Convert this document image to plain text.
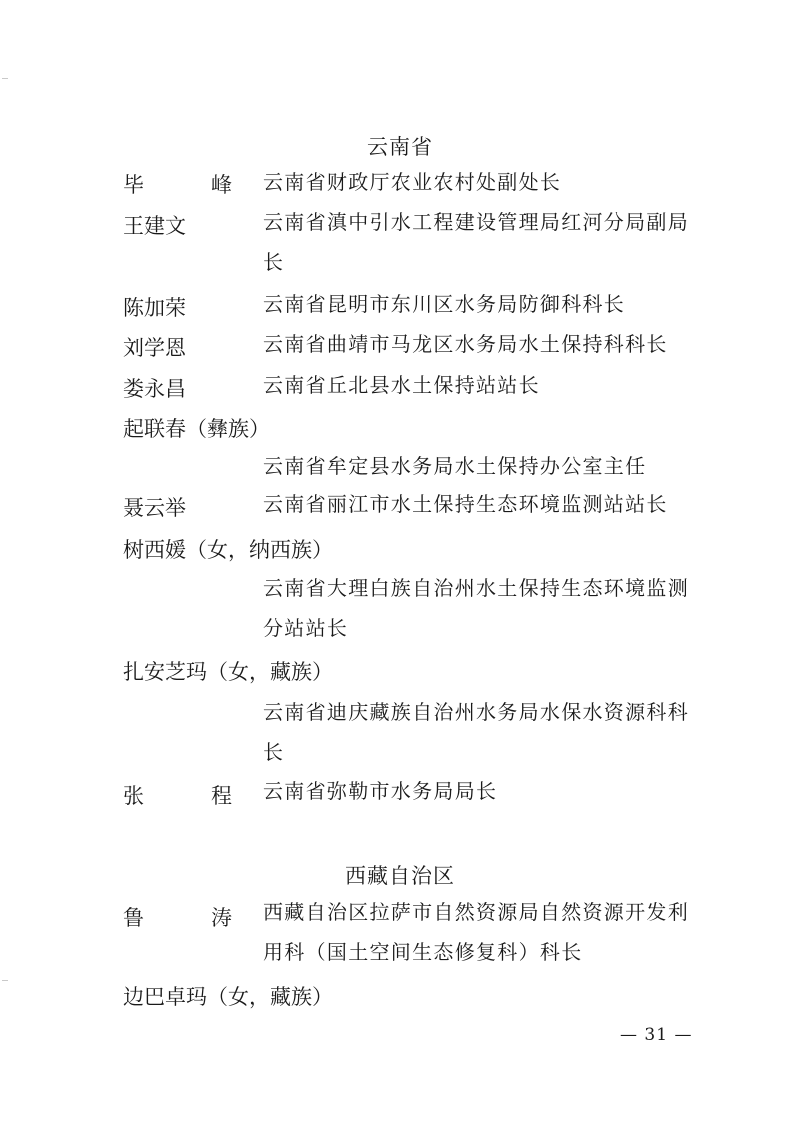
云南省
毕　峰 云南省财政厅农业农村处副处长
王建文	云南省滇中引水工程建设管理局红河分局副局
长
陈加荣	云南省昆明市东川区水务局防御科科长
刘学恩	云南省曲靖市马龙区水务局水土保持科科长
娄永昌	云南省丘北县水土保持站站长
起联春（彝族）
云南省牟定县水务局水土保持办公室主任
聂云举	云南省丽江市水土保持生态环境监测站站长
树西媛（女，纳西族）
云南省大理白族自治州水土保持生态环境监测
分站站长
扎安芝玛（女，藏族）
云南省迪庆藏族自治州水务局水保水资源科科
长
张　程 云南省弥勒市水务局局长
西藏自治区
鲁　涛 西藏自治区拉萨市自然资源局自然资源开发利
用科（国土空间生态修复科）科长
边巴卓玛（女，藏族）
— 31 —
